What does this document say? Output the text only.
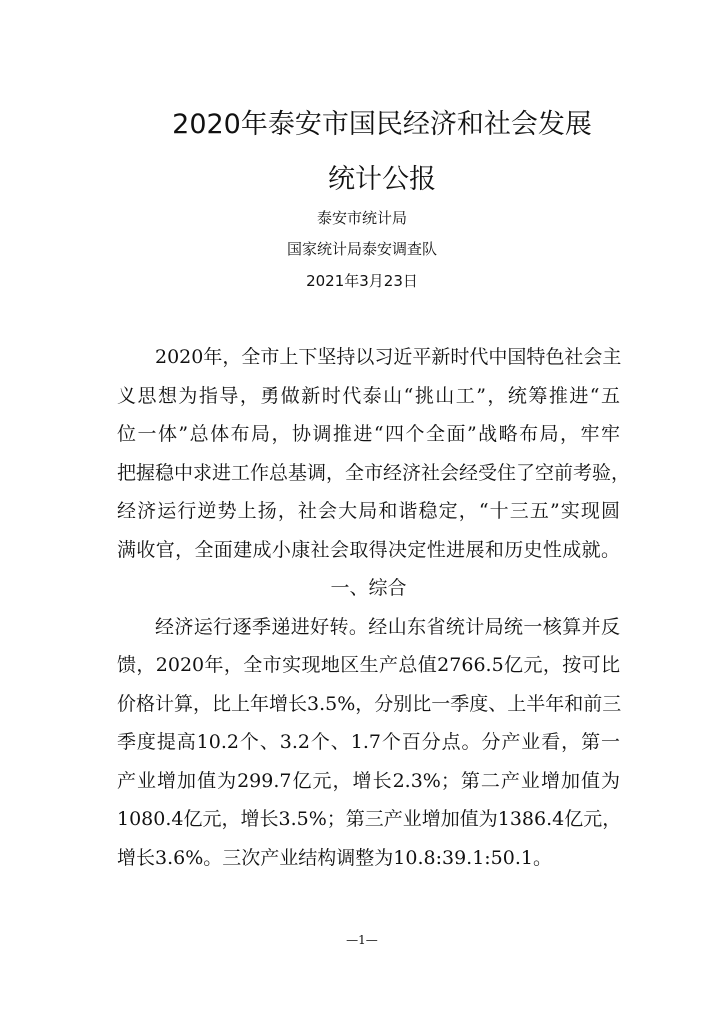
2020年泰安市国民经济和社会发展
统计公报
泰安市统计局
国家统计局泰安调查队
2021年3月23日
2020年，全市上下坚持以习近平新时代中国特色社会主
义思想为指导，勇做新时代泰山“挑山工”，统筹推进“五
位一体”总体布局，协调推进“四个全面”战略布局，牢牢
把握稳中求进工作总基调，全市经济社会经受住了空前考验，
经济运行逆势上扬，社会大局和谐稳定，“十三五”实现圆
满收官，全面建成小康社会取得决定性进展和历史性成就。
一、综合
经济运行逐季递进好转。经山东省统计局统一核算并反
馈，2020年，全市实现地区生产总值2766.5亿元，按可比
价格计算，比上年增长3.5%，分别比一季度、上半年和前三
季度提高10.2个、3.2个、1.7个百分点。分产业看，第一
产业增加值为299.7亿元，增长2.3%；第二产业增加值为
1080.4亿元，增长3.5%；第三产业增加值为1386.4亿元，
增长3.6%。三次产业结构调整为10.8:39.1:50.1。
—1—
